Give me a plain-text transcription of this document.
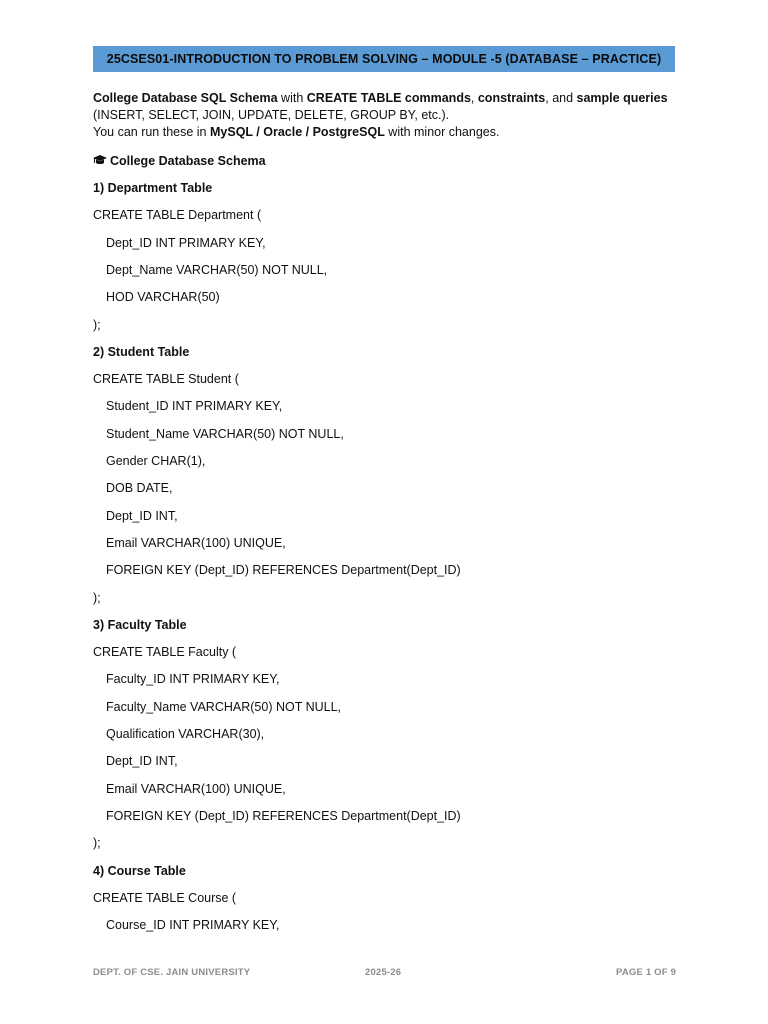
25CSES01-INTRODUCTION TO PROBLEM SOLVING – MODULE -5 (DATABASE – PRACTICE)
College Database SQL Schema with CREATE TABLE commands, constraints, and sample queries
(INSERT, SELECT, JOIN, UPDATE, DELETE, GROUP BY, etc.).
You can run these in MySQL / Oracle / PostgreSQL with minor changes.
College Database Schema
1) Department Table
CREATE TABLE Department (
Dept_ID INT PRIMARY KEY,
Dept_Name VARCHAR(50) NOT NULL,
HOD VARCHAR(50)
);
2) Student Table
CREATE TABLE Student (
Student_ID INT PRIMARY KEY,
Student_Name VARCHAR(50) NOT NULL,
Gender CHAR(1),
DOB DATE,
Dept_ID INT,
Email VARCHAR(100) UNIQUE,
FOREIGN KEY (Dept_ID) REFERENCES Department(Dept_ID)
);
3) Faculty Table
CREATE TABLE Faculty (
Faculty_ID INT PRIMARY KEY,
Faculty_Name VARCHAR(50) NOT NULL,
Qualification VARCHAR(30),
Dept_ID INT,
Email VARCHAR(100) UNIQUE,
FOREIGN KEY (Dept_ID) REFERENCES Department(Dept_ID)
);
4) Course Table
CREATE TABLE Course (
Course_ID INT PRIMARY KEY,
DEPT. OF CSE. JAIN UNIVERSITY	2025-26	PAGE 1 OF 9
